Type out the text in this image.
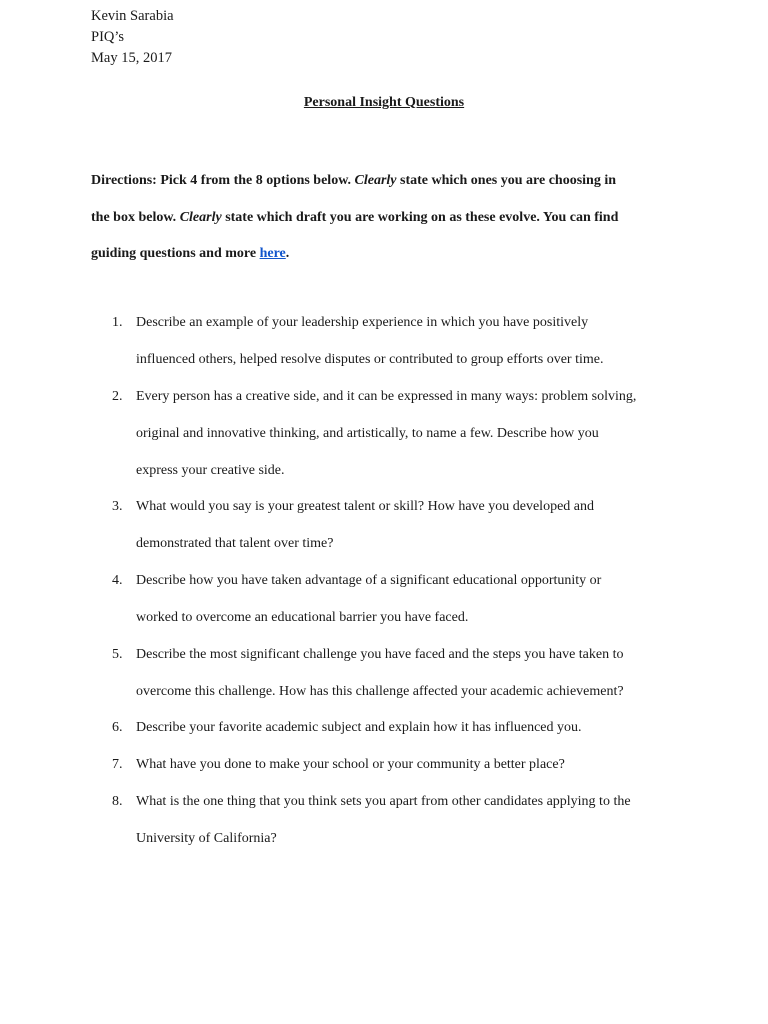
Kevin Sarabia
PIQ’s
May 15, 2017
Personal Insight Questions
Directions: Pick 4 from the 8 options below. Clearly state which ones you are choosing in
the box below. Clearly state which draft you are working on as these evolve. You can find
guiding questions and more here.
1. Describe an example of your leadership experience in which you have positively
influenced others, helped resolve disputes or contributed to group efforts over time.
2. Every person has a creative side, and it can be expressed in many ways: problem solving,
original and innovative thinking, and artistically, to name a few. Describe how you
express your creative side.
3. What would you say is your greatest talent or skill? How have you developed and
demonstrated that talent over time?
4. Describe how you have taken advantage of a significant educational opportunity or
worked to overcome an educational barrier you have faced.
5. Describe the most significant challenge you have faced and the steps you have taken to
overcome this challenge. How has this challenge affected your academic achievement?
6. Describe your favorite academic subject and explain how it has influenced you.
7. What have you done to make your school or your community a better place?
8. What is the one thing that you think sets you apart from other candidates applying to the
University of California?
